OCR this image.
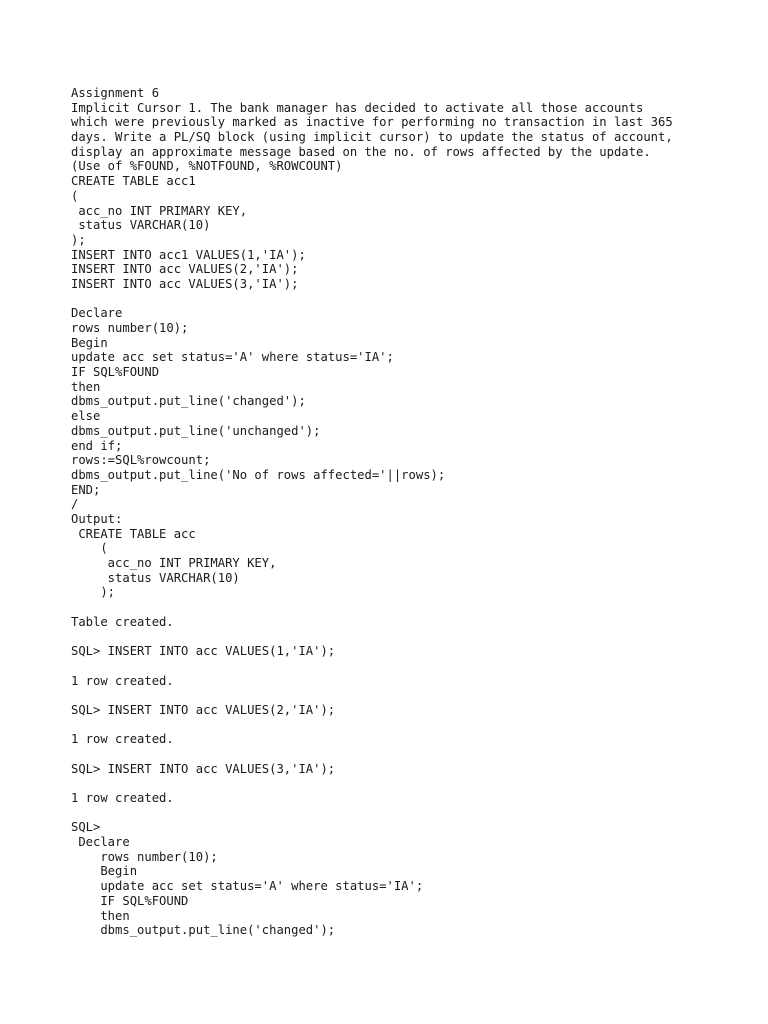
Assignment 6
Implicit Cursor 1. The bank manager has decided to activate all those accounts
which were previously marked as inactive for performing no transaction in last 365
days. Write a PL/SQ block (using implicit cursor) to update the status of account,
display an approximate message based on the no. of rows affected by the update.
(Use of %FOUND, %NOTFOUND, %ROWCOUNT)
CREATE TABLE acc1
(
acc_no INT PRIMARY KEY,
status VARCHAR(10)
);
INSERT INTO acc1 VALUES(1,'IA');
INSERT INTO acc VALUES(2,'IA');
INSERT INTO acc VALUES(3,'IA');
Declare
rows number(10);
Begin
update acc set status='A' where status='IA';
IF SQL%FOUND
then
dbms_output.put_line('changed');
else
dbms_output.put_line('unchanged');
end if;
rows:=SQL%rowcount;
dbms_output.put_line('No of rows affected='||rows);
END;
/
Output:
CREATE TABLE acc
(
acc_no INT PRIMARY KEY,
status VARCHAR(10)
);
Table created.
SQL> INSERT INTO acc VALUES(1,'IA');
1 row created.
SQL> INSERT INTO acc VALUES(2,'IA');
1 row created.
SQL> INSERT INTO acc VALUES(3,'IA');
1 row created.
SQL>
Declare
rows number(10);
Begin
update acc set status='A' where status='IA';
IF SQL%FOUND
then
dbms_output.put_line('changed');
